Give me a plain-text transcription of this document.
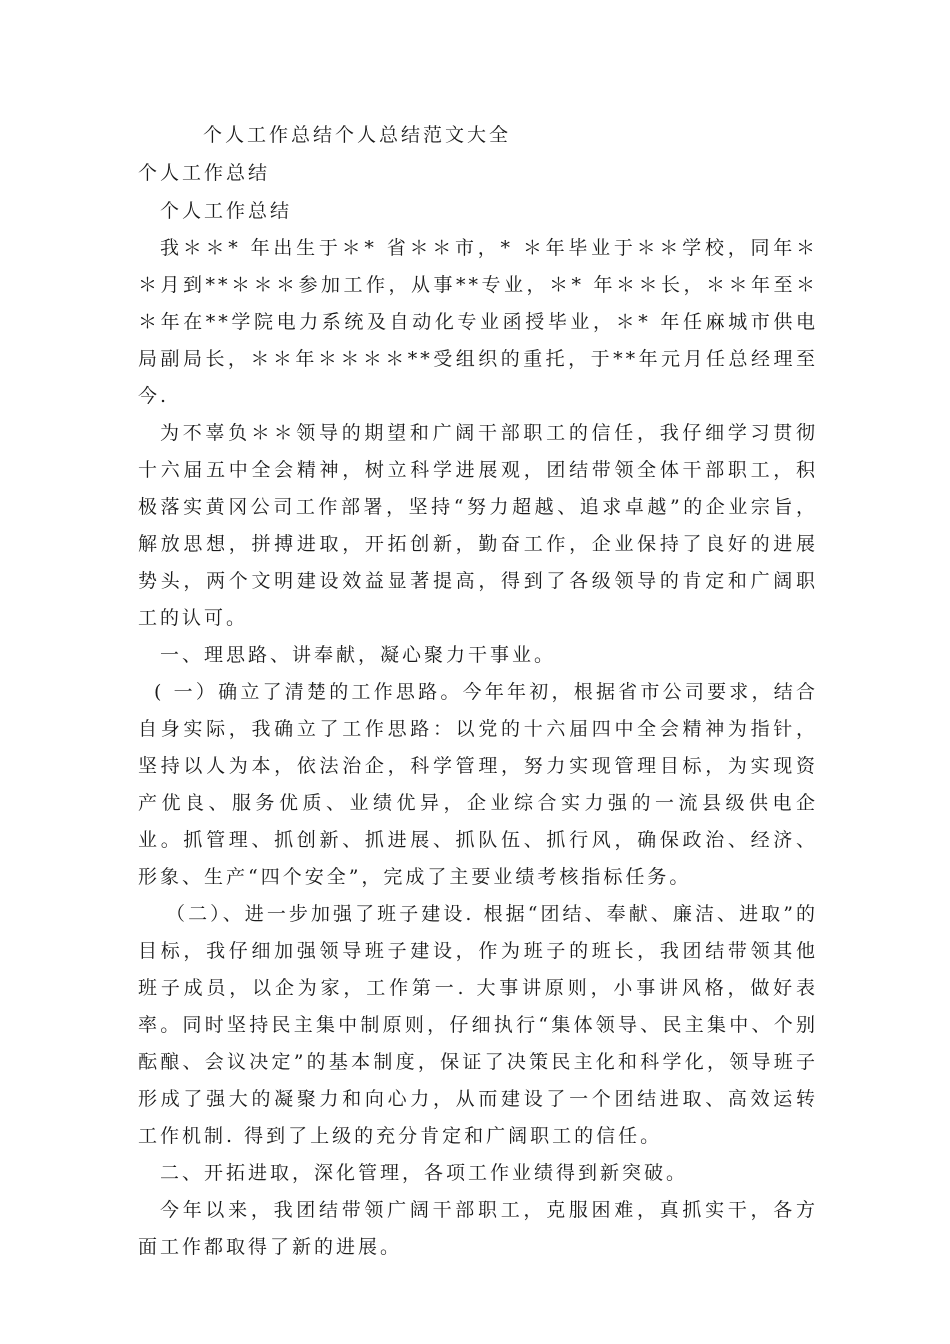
个人工作总结个人总结范文大全
个人工作总结

个人工作总结

我＊＊* 年出生于＊* 省＊＊市，* ＊年毕业于＊＊学校，同年＊＊月到**＊＊＊参加工作，从事**专业，＊* 年＊＊长，＊＊年至＊＊年在**学院电力系统及自动化专业函授毕业，＊* 年任麻城市供电局副局长，＊＊年＊＊＊＊**受组织的重托，于**年元月任总经理至今.

为不辜负＊＊领导的期望和广阔干部职工的信任，我仔细学习贯彻十六届五中全会精神，树立科学进展观，团结带领全体干部职工，积极落实黄冈公司工作部署，坚持“努力超越、追求卓越”的企业宗旨，解放思想，拼搏进取，开拓创新，勤奋工作，企业保持了良好的进展势头，两个文明建设效益显著提高，得到了各级领导的肯定和广阔职工的认可。

一、理思路、讲奉献，凝心聚力干事业。

( 一）确立了清楚的工作思路。今年年初，根据省市公司要求，结合自身实际，我确立了工作思路：以党的十六届四中全会精神为指针，坚持以人为本，依法治企，科学管理，努力实现管理目标，为实现资产优良、服务优质、业绩优异，企业综合实力强的一流县级供电企业。抓管理、抓创新、抓进展、抓队伍、抓行风，确保政治、经济、形象、生产“四个安全”，完成了主要业绩考核指标任务。

（二）、进一步加强了班子建设. 根据“团结、奉献、廉洁、进取”的目标，我仔细加强领导班子建设，作为班子的班长，我团结带领其他班子成员，以企为家，工作第一. 大事讲原则，小事讲风格，做好表率。同时坚持民主集中制原则，仔细执行“集体领导、民主集中、个别酝酿、会议决定”的基本制度，保证了决策民主化和科学化，领导班子形成了强大的凝聚力和向心力，从而建设了一个团结进取、高效运转工作机制. 得到了上级的充分肯定和广阔职工的信任。

二、开拓进取，深化管理，各项工作业绩得到新突破。

今年以来，我团结带领广阔干部职工，克服困难，真抓实干，各方面工作都取得了新的进展。
